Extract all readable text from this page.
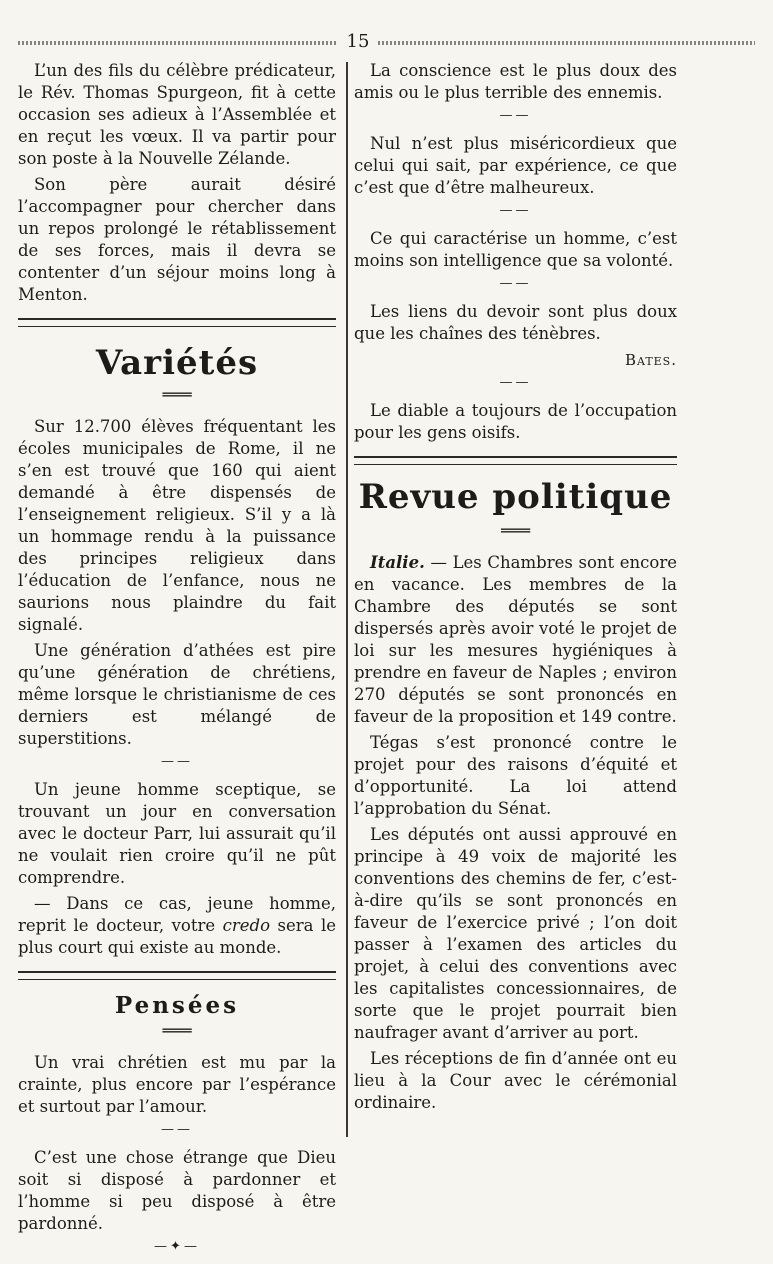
15

L’un des fils du célèbre prédicateur, le Rév. Thomas Spurgeon, fit à cette occasion ses adieux à l’Assemblée et en reçut les vœux. Il va partir pour son poste à la Nouvelle Zélande.

Son père aurait désiré l’accompagner pour chercher dans un repos prolongé le rétablissement de ses forces, mais il devra se contenter d’un séjour moins long à Menton.

Variétés
═══

Sur 12.700 élèves fréquentant les écoles municipales de Rome, il ne s’en est trouvé que 160 qui aient demandé à être dispensés de l’enseignement religieux. S’il y a là un hommage rendu à la puissance des principes religieux dans l’éducation de l’enfance, nous ne saurions nous plaindre du fait signalé.

Une génération d’athées est pire qu’une génération de chrétiens, même lorsque le christianisme de ces derniers est mélangé de superstitions.

——

Un jeune homme sceptique, se trouvant un jour en conversation avec le docteur Parr, lui assurait qu’il ne voulait rien croire qu’il ne pût comprendre.

— Dans ce cas, jeune homme, reprit le docteur, votre credo sera le plus court qui existe au monde.

Pensées
═══

Un vrai chrétien est mu par la crainte, plus encore par l’espérance et surtout par l’amour.

——

C’est une chose étrange que Dieu soit si disposé à pardonner et l’homme si peu disposé à être pardonné.

—✦—

La conscience est le plus doux des amis ou le plus terrible des ennemis.

——

Nul n’est plus miséricordieux que celui qui sait, par expérience, ce que c’est que d’être malheureux.

——

Ce qui caractérise un homme, c’est moins son intelligence que sa volonté.

——

Les liens du devoir sont plus doux que les chaînes des ténèbres.

Bates.

——

Le diable a toujours de l’occupation pour les gens oisifs.

Revue politique
═══

Italie. — Les Chambres sont encore en vacance. Les membres de la Chambre des députés se sont dispersés après avoir voté le projet de loi sur les mesures hygiéniques à prendre en faveur de Naples ; environ 270 députés se sont prononcés en faveur de la proposition et 149 contre.

Tégas s’est prononcé contre le projet pour des raisons d’équité et d’opportunité. La loi attend l’approbation du Sénat.

Les députés ont aussi approuvé en principe à 49 voix de majorité les conventions des chemins de fer, c’est-à-dire qu’ils se sont prononcés en faveur de l’exercice privé ; l’on doit passer à l’examen des articles du projet, à celui des conventions avec les capitalistes concessionnaires, de sorte que le projet pourrait bien naufrager avant d’arriver au port.

Les réceptions de fin d’année ont eu lieu à la Cour avec le cérémonial ordinaire.
